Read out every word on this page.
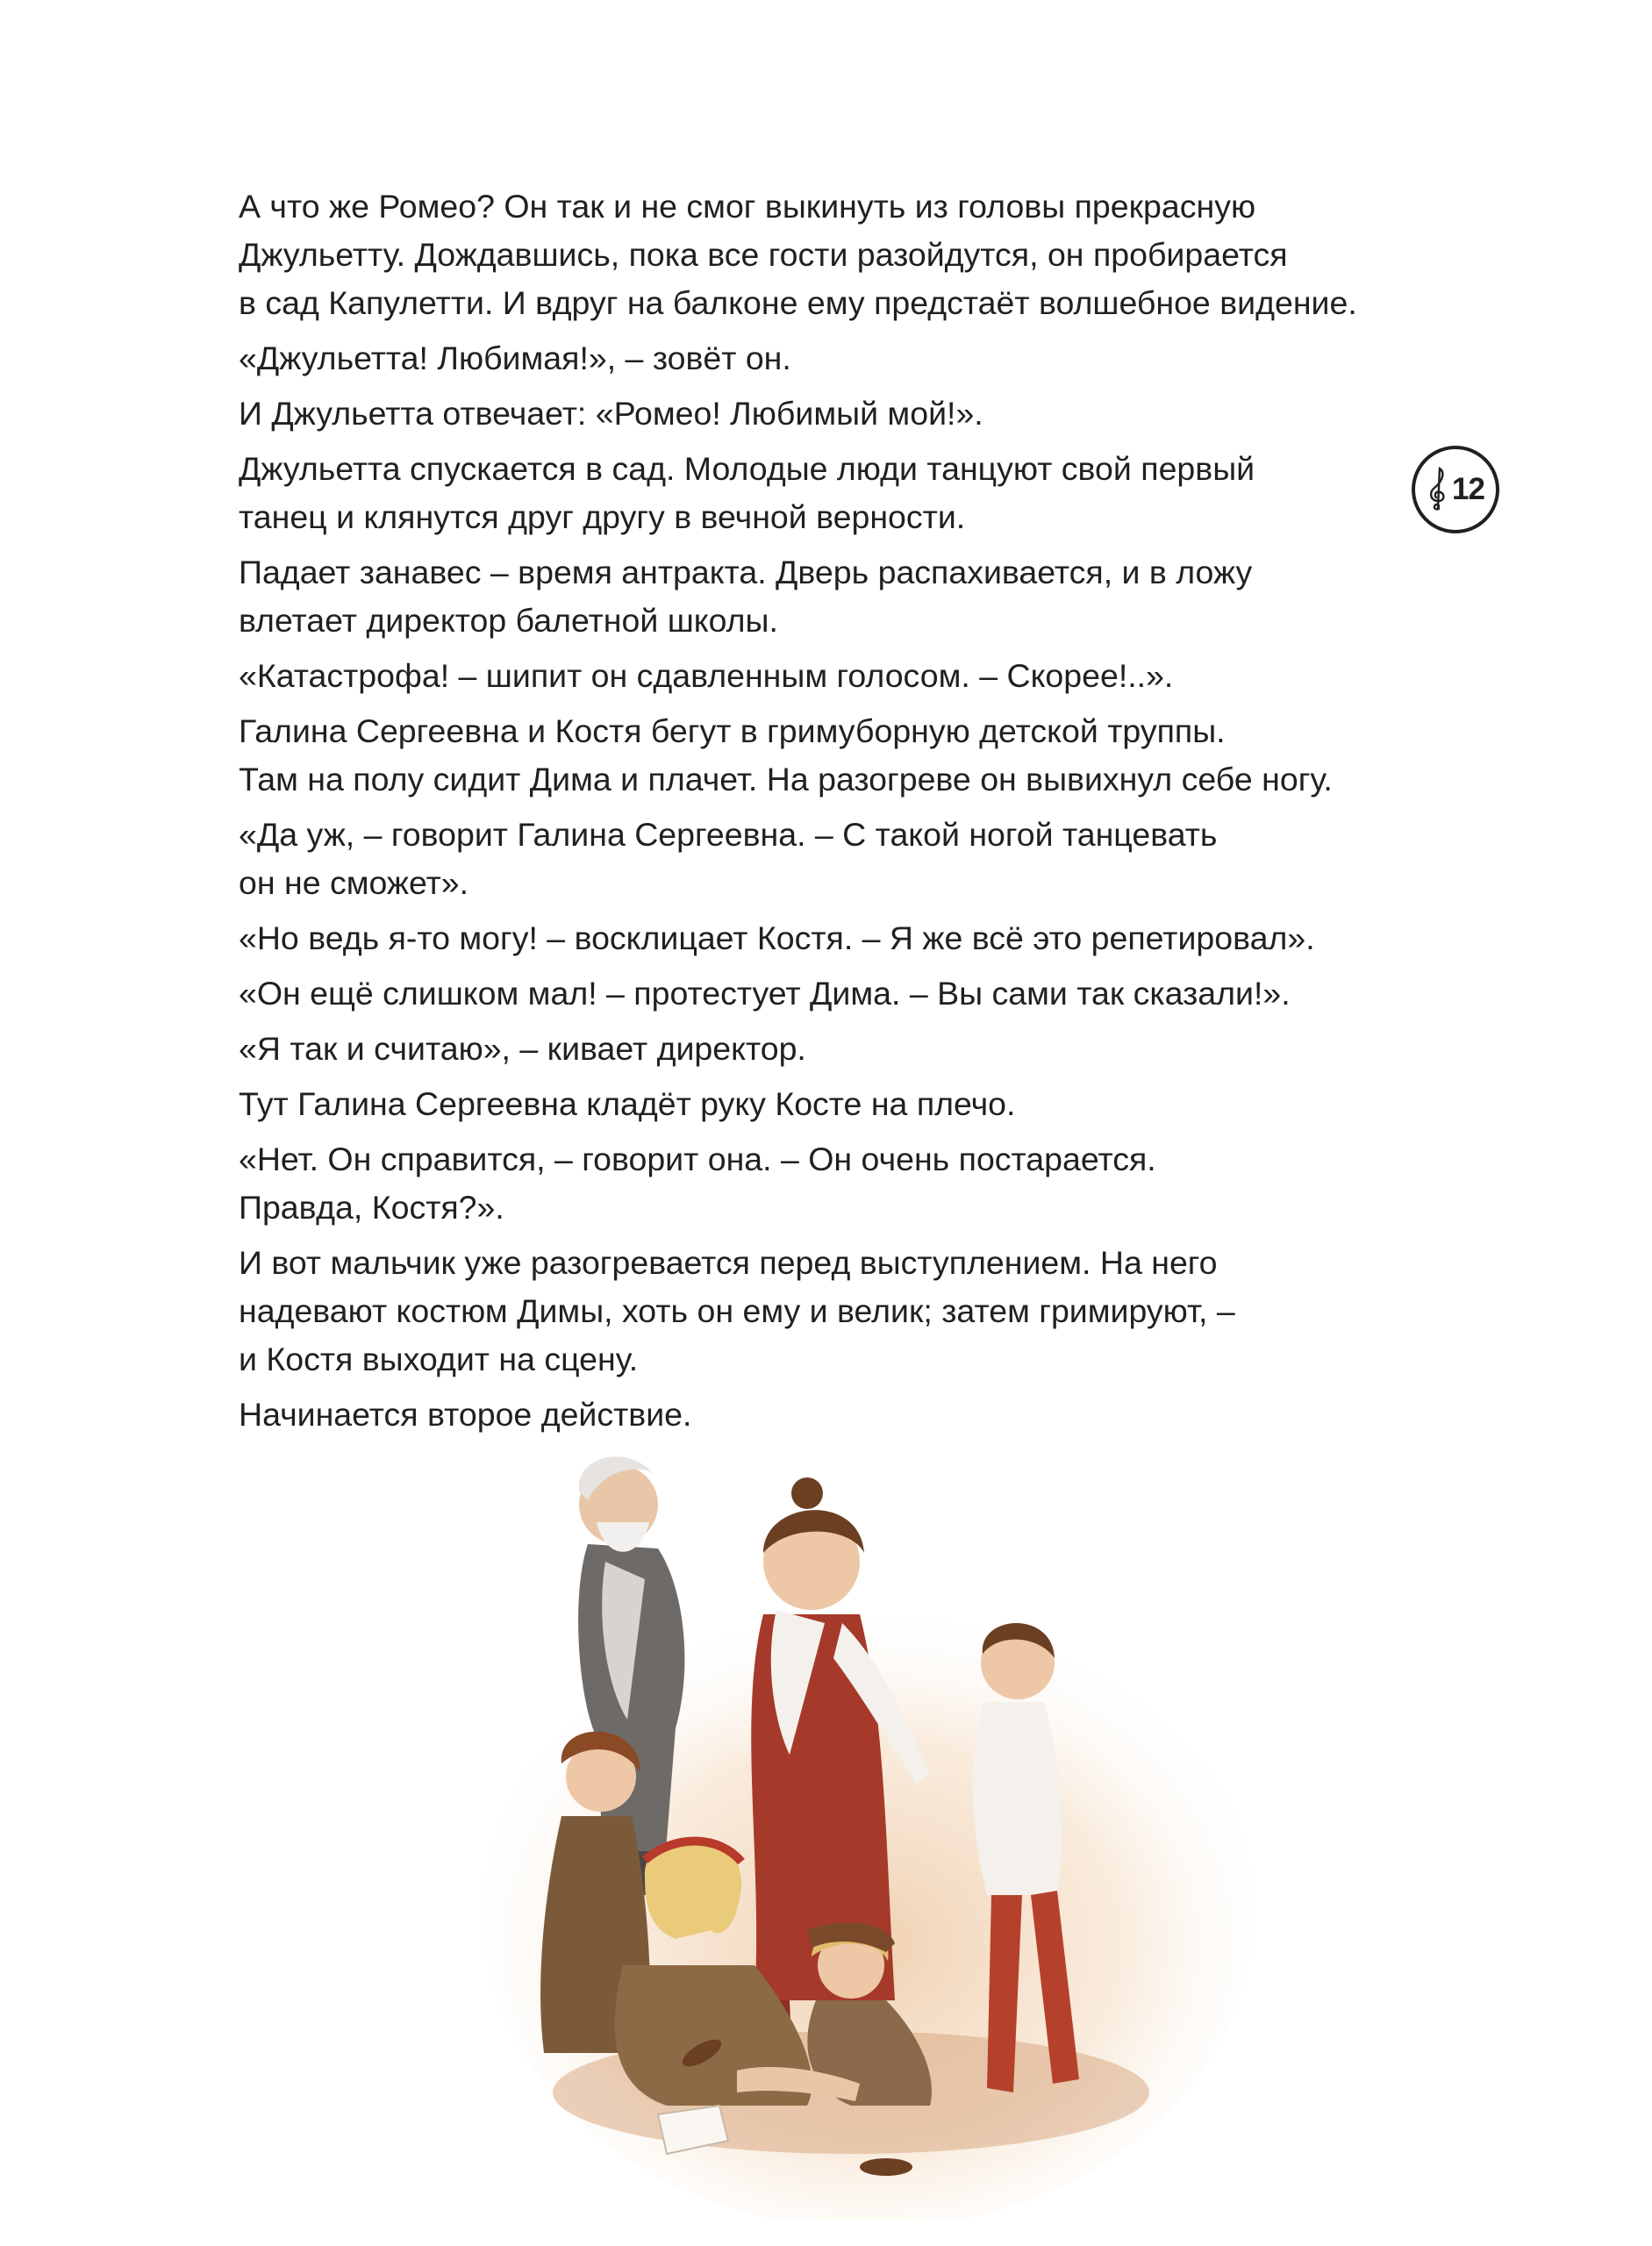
А что же Ромео? Он так и не смог выкинуть из головы прекрасную
Джульетту. Дождавшись, пока все гости разойдутся, он пробирается
в сад Капулетти. И вдруг на балконе ему предстаёт волшебное видение.

«Джульетта! Любимая!», – зовёт он.

И Джульетта отвечает: «Ромео! Любимый мой!».

Джульетта спускается в сад. Молодые люди танцуют свой первый
танец и клянутся друг другу в вечной верности.

Падает занавес – время антракта. Дверь распахивается, и в ложу
влетает директор балетной школы.

«Катастрофа! – шипит он сдавленным голосом. – Скорее!..».

Галина Сергеевна и Костя бегут в гримуборную детской труппы.
Там на полу сидит Дима и плачет. На разогреве он вывихнул себе ногу.

«Да уж, – говорит Галина Сергеевна. – С такой ногой танцевать
он не сможет».

«Но ведь я-то могу! – восклицает Костя. – Я же всё это репетировал».

«Он ещё слишком мал! – протестует Дима. – Вы сами так сказали!».

«Я так и считаю», – кивает директор.

Тут Галина Сергеевна кладёт руку Косте на плечо.

«Нет. Он справится, – говорит она. – Он очень постарается.
Правда, Костя?».

И вот мальчик уже разогревается перед выступлением. На него
надевают костюм Димы, хоть он ему и велик; затем гримируют, –
и Костя выходит на сцену.

Начинается второе действие.

12
